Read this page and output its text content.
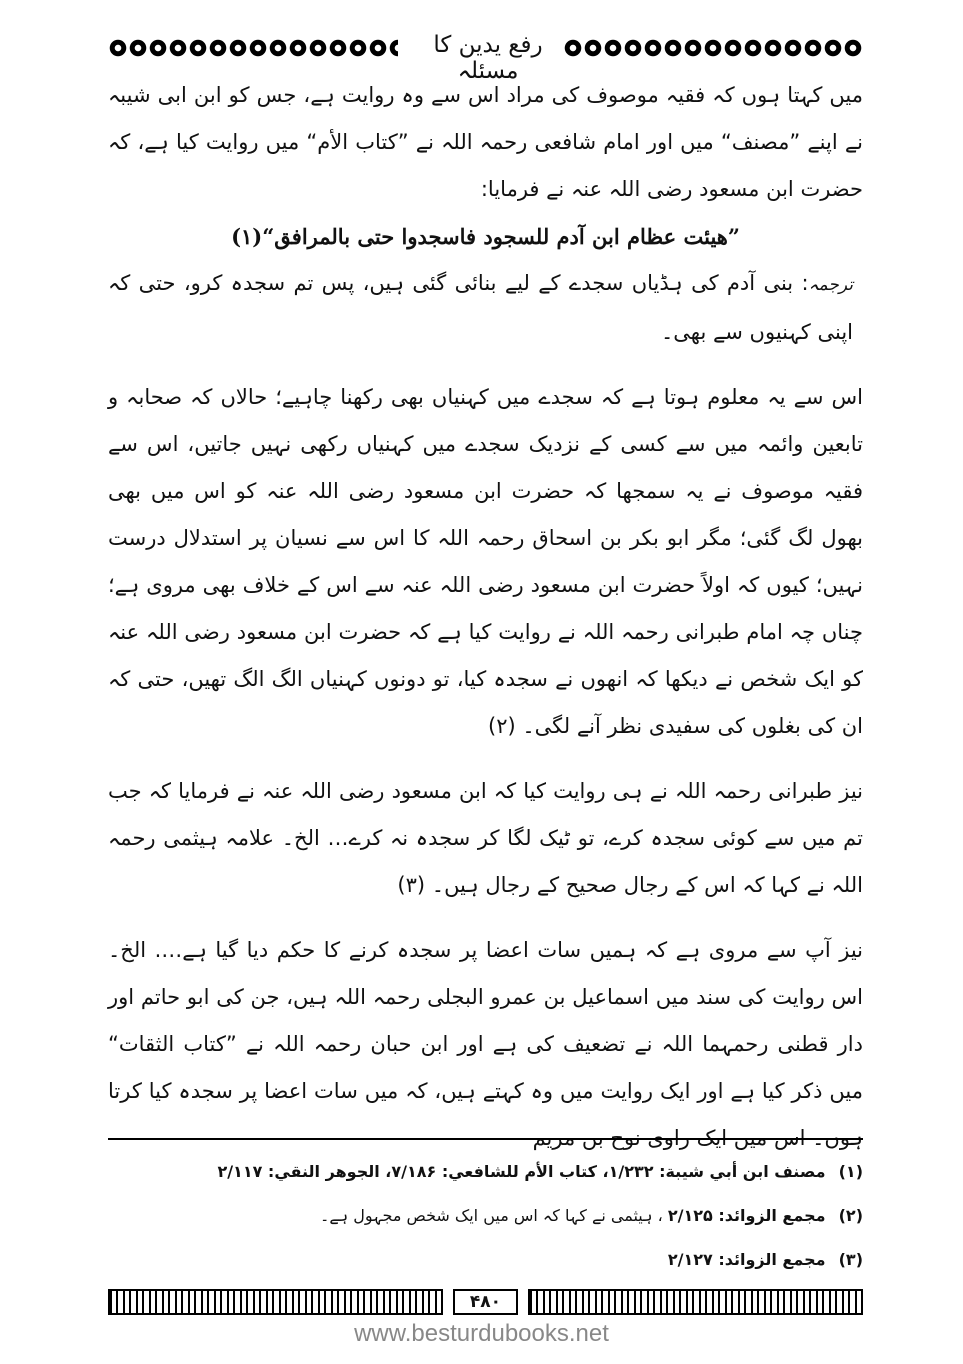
رفع یدین کا مسئلہ

میں کہتا ہوں کہ فقیہ موصوف کی مراد اس سے وہ روایت ہے، جس کو ابن ابی شیبہ نے اپنے ”مصنف“ میں اور امام شافعی رحمہ اللہ نے ”کتاب الأم“ میں روایت کیا ہے، کہ حضرت ابن مسعود رضی اللہ عنہ نے فرمایا:

”هیئت عظام ابن آدم للسجود فاسجدوا حتی بالمرافق“(۱)

ترجمہ: بنی آدم کی ہڈیاں سجدے کے لیے بنائی گئی ہیں، پس تم سجدہ کرو، حتی کہ اپنی کہنیوں سے بھی۔

اس سے یہ معلوم ہوتا ہے کہ سجدے میں کہنیاں بھی رکھنا چاہیے؛ حالاں کہ صحابہ و تابعین وائمہ میں سے کسی کے نزدیک سجدے میں کہنیاں رکھی نہیں جاتیں، اس سے فقیہ موصوف نے یہ سمجھا کہ حضرت ابن مسعود رضی اللہ عنہ کو اس میں بھی بھول لگ گئی؛ مگر ابو بکر بن اسحاق رحمہ اللہ کا اس سے نسیان پر استدلال درست نہیں؛ کیوں کہ اولاً حضرت ابن مسعود رضی اللہ عنہ سے اس کے خلاف بھی مروی ہے؛ چناں چہ امام طبرانی رحمہ اللہ نے روایت کیا ہے کہ حضرت ابن مسعود رضی اللہ عنہ کو ایک شخص نے دیکھا کہ انھوں نے سجدہ کیا، تو دونوں کہنیاں الگ الگ تھیں، حتی کہ ان کی بغلوں کی سفیدی نظر آنے لگی۔ (۲)

نیز طبرانی رحمہ اللہ نے ہی روایت کیا کہ ابن مسعود رضی اللہ عنہ نے فرمایا کہ جب تم میں سے کوئی سجدہ کرے، تو ٹیک لگا کر سجدہ نہ کرے… الخ۔ علامہ ہیثمی رحمہ اللہ نے کہا کہ اس کے رجال صحیح کے رجال ہیں۔ (۳)

نیز آپ سے مروی ہے کہ ہمیں سات اعضا پر سجدہ کرنے کا حکم دیا گیا ہے…. الخ۔ اس روایت کی سند میں اسماعیل بن عمرو البجلی رحمہ اللہ ہیں، جن کی ابو حاتم اور دار قطنی رحمہما اللہ نے تضعیف کی ہے اور ابن حبان رحمہ اللہ نے ”کتاب الثقات“ میں ذکر کیا ہے اور ایک روایت میں وہ کہتے ہیں، کہ میں سات اعضا پر سجدہ کیا کرتا ہوں۔ اس میں ایک راوی نوح بن مریم

(۱) مصنف ابن أبي شيبة: ۱/۲۳۲، كتاب الأم للشافعي: ۷/۱۸۶، الجوهر النقي: ۲/۱۱۷

(۲) مجمع الزوائد: ۲/۱۲۵ ، ہیثمی نے کہا کہ اس میں ایک شخص مجہول ہے۔

(۳) مجمع الزوائد: ۲/۱۲۷

۴۸۰
www.besturdubooks.net
